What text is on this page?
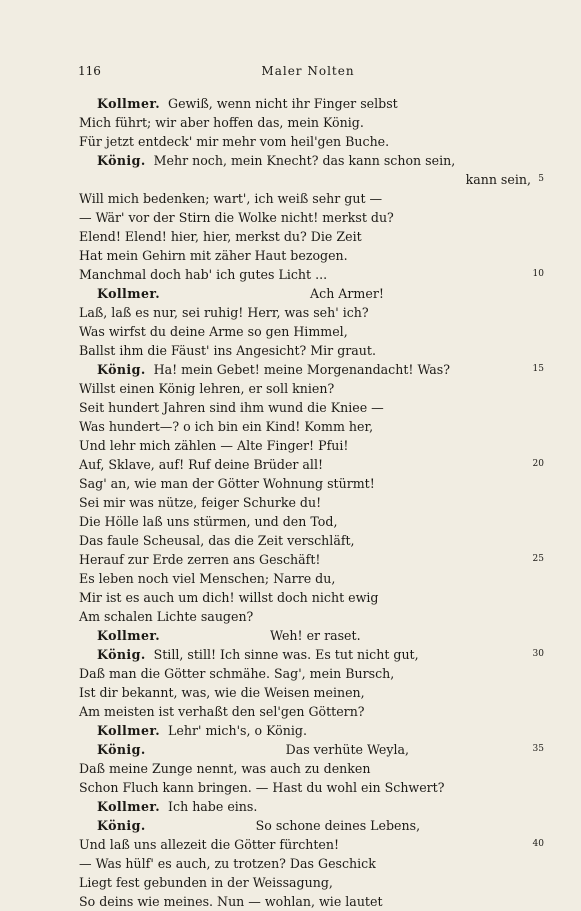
116	Maler Nolten
Kollmer. Gewiß, wenn nicht ihr Finger selbst
Mich führt; wir aber hoffen das, mein König.
Für jetzt entdeck' mir mehr vom heil'gen Buche.
König. Mehr noch, mein Knecht? das kann schon sein,
kann sein, 5
Will mich bedenken; wart', ich weiß sehr gut —
— Wär' vor der Stirn die Wolke nicht! merkst du?
Elend! Elend! hier, hier, merkst du? Die Zeit
Hat mein Gehirn mit zäher Haut bezogen.
Manchmal doch hab' ich gutes Licht ...	10
Kollmer.	Ach Armer!
Laß, laß es nur, sei ruhig! Herr, was seh' ich?
Was wirfst du deine Arme so gen Himmel,
Ballst ihm die Fäust' ins Angesicht? Mir graut.
König. Ha! mein Gebet! meine Morgenandacht! Was?	15
Willst einen König lehren, er soll knien?
Seit hundert Jahren sind ihm wund die Kniee —
Was hundert—? o ich bin ein Kind! Komm her,
Und lehr mich zählen — Alte Finger! Pfui!
Auf, Sklave, auf! Ruf deine Brüder all!	20
Sag' an, wie man der Götter Wohnung stürmt!
Sei mir was nütze, feiger Schurke du!
Die Hölle laß uns stürmen, und den Tod,
Das faule Scheusal, das die Zeit verschläft,
Herauf zur Erde zerren ans Geschäft!	25
Es leben noch viel Menschen; Narre du,
Mir ist es auch um dich! willst doch nicht ewig
Am schalen Lichte saugen?
Kollmer.	Weh! er raset.
König. Still, still! Ich sinne was. Es tut nicht gut,	30
Daß man die Götter schmähe. Sag', mein Bursch,
Ist dir bekannt, was, wie die Weisen meinen,
Am meisten ist verhaßt den sel'gen Göttern?
Kollmer. Lehr' mich's, o König.
König.	Das verhüte Weyla,	35
Daß meine Zunge nennt, was auch zu denken
Schon Fluch kann bringen. — Hast du wohl ein Schwert?
Kollmer. Ich habe eins.
König.	So schone deines Lebens,
Und laß uns allezeit die Götter fürchten!	40
— Was hülf' es auch, zu trotzen? Das Geschick
Liegt fest gebunden in der Weissagung,
So deins wie meines. Nun — wohlan, wie lautet
